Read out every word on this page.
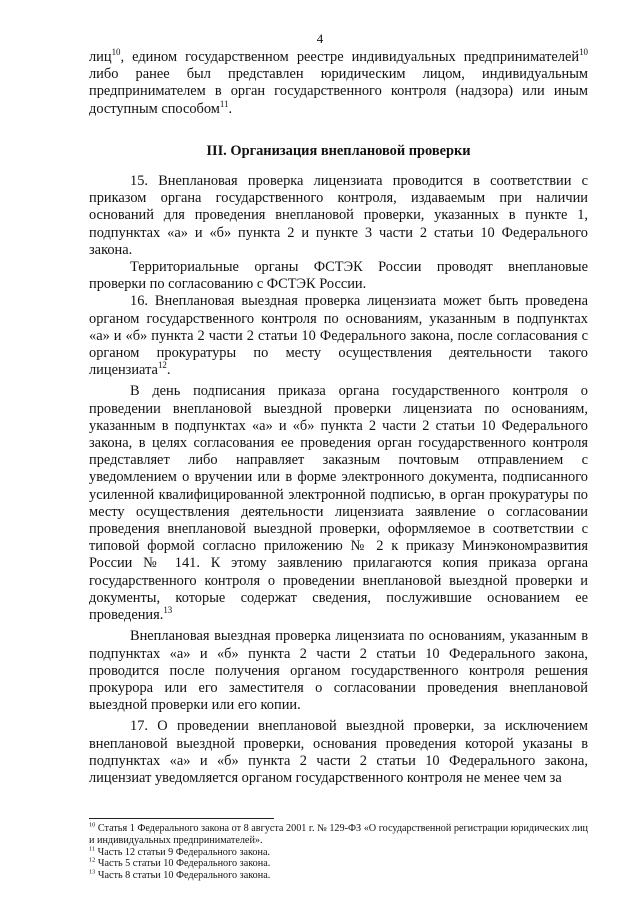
4

лиц$^{10}$, едином государственном реестре индивидуальных предпринимателей$^{10}$ либо ранее был представлен юридическим лицом, индивидуальным предпринимателем в орган государственного контроля (надзора) или иным доступным способом$^{11}$.

III. Организация внеплановой проверки

15. Внеплановая проверка лицензиата проводится в соответствии с приказом органа государственного контроля, издаваемым при наличии оснований для проведения внеплановой проверки, указанных в пункте 1, подпунктах «а» и «б» пункта 2 и пункте 3 части 2 статьи 10 Федерального закона.

Территориальные органы ФСТЭК России проводят внеплановые проверки по согласованию с ФСТЭК России.

16. Внеплановая выездная проверка лицензиата может быть проведена органом государственного контроля по основаниям, указанным в подпунктах «а» и «б» пункта 2 части 2 статьи 10 Федерального закона, после согласования с органом прокуратуры по месту осуществления деятельности такого лицензиата$^{12}$.

В день подписания приказа органа государственного контроля о проведении внеплановой выездной проверки лицензиата по основаниям, указанным в подпунктах «а» и «б» пункта 2 части 2 статьи 10 Федерального закона, в целях согласования ее проведения орган государственного контроля представляет либо направляет заказным почтовым отправлением с уведомлением о вручении или в форме электронного документа, подписанного усиленной квалифицированной электронной подписью, в орган прокуратуры по месту осуществления деятельности лицензиата заявление о согласовании проведения внеплановой выездной проверки, оформляемое в соответствии с типовой формой согласно приложению № 2 к приказу Минэкономразвития России № 141. К этому заявлению прилагаются копия приказа органа государственного контроля о проведении внеплановой выездной проверки и документы, которые содержат сведения, послужившие основанием ее проведения.$^{13}$

Внеплановая выездная проверка лицензиата по основаниям, указанным в подпунктах «а» и «б» пункта 2 части 2 статьи 10 Федерального закона, проводится после получения органом государственного контроля решения прокурора или его заместителя о согласовании проведения внеплановой выездной проверки или его копии.

17. О проведении внеплановой выездной проверки, за исключением внеплановой выездной проверки, основания проведения которой указаны в подпунктах «а» и «б» пункта 2 части 2 статьи 10 Федерального закона, лицензиат уведомляется органом государственного контроля не менее чем за

$^{10}$ Статья 1 Федерального закона от 8 августа 2001 г. № 129-ФЗ «О государственной регистрации юридических лиц и индивидуальных предпринимателей».

$^{11}$ Часть 12 статьи 9 Федерального закона.

$^{12}$ Часть 5 статьи 10 Федерального закона.

$^{13}$ Часть 8 статьи 10 Федерального закона.
